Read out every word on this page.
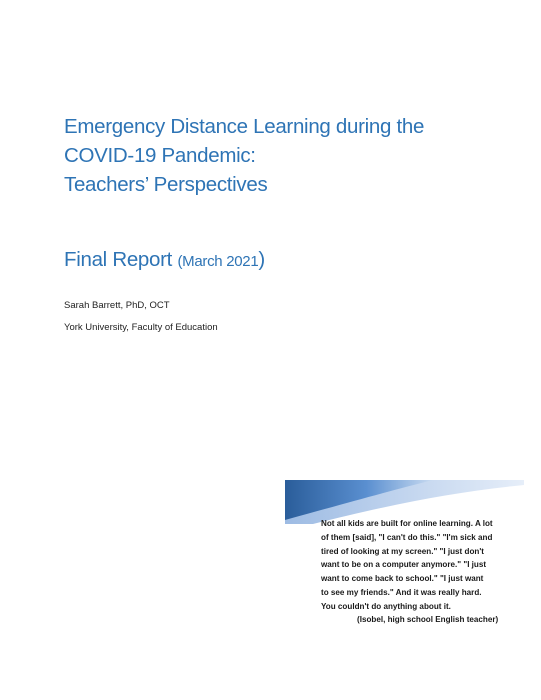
Emergency Distance Learning during the
COVID-19 Pandemic:
Teachers’ Perspectives
Final Report (March 2021)
Sarah Barrett, PhD, OCT
York University, Faculty of Education
Not all kids are built for online learning. A lot
of them [said], "I can't do this." "I'm sick and
tired of looking at my screen." "I just don't
want to be on a computer anymore." "I just
want to come back to school." "I just want
to see my friends." And it was really hard.
You couldn't do anything about it.
(Isobel, high school English teacher)
